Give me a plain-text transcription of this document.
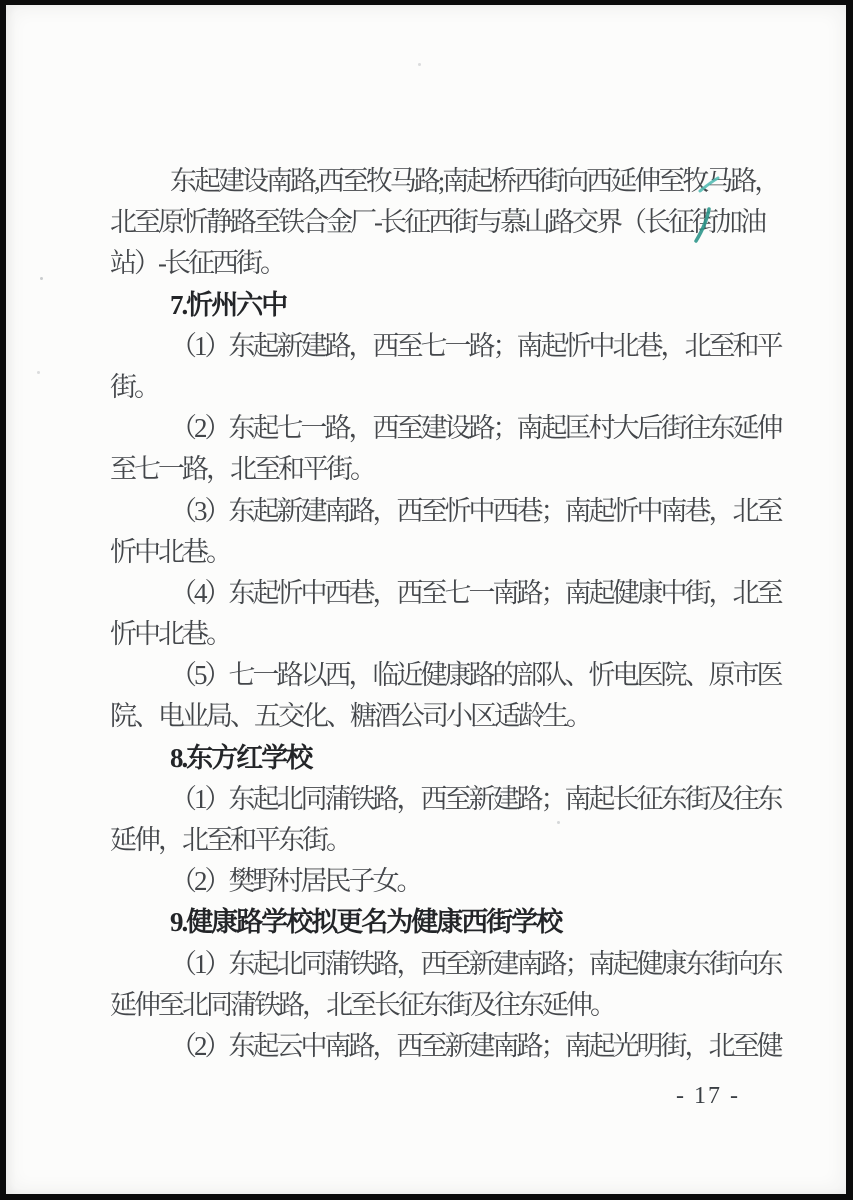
东起建设南路,西至牧马路;南起桥西街向西延伸至牧马路，
北至原忻静路至铁合金厂-长征西街与慕山路交界（长征街加油
站）-长征西街。
7.忻州六中
（1）东起新建路，西至七一路；南起忻中北巷，北至和平
街。
（2）东起七一路，西至建设路；南起匡村大后街往东延伸
至七一路，北至和平街。
（3）东起新建南路，西至忻中西巷；南起忻中南巷，北至
忻中北巷。
（4）东起忻中西巷，西至七一南路；南起健康中街，北至
忻中北巷。
（5）七一路以西，临近健康路的部队、忻电医院、原市医
院、电业局、五交化、糖酒公司小区适龄生。
8.东方红学校
（1）东起北同蒲铁路，西至新建路；南起长征东街及往东
延伸，北至和平东街。
（2）樊野村居民子女。
9.健康路学校拟更名为健康西街学校
（1）东起北同蒲铁路，西至新建南路；南起健康东街向东
延伸至北同蒲铁路，北至长征东街及往东延伸。
（2）东起云中南路，西至新建南路；南起光明街，北至健
- 17 -
